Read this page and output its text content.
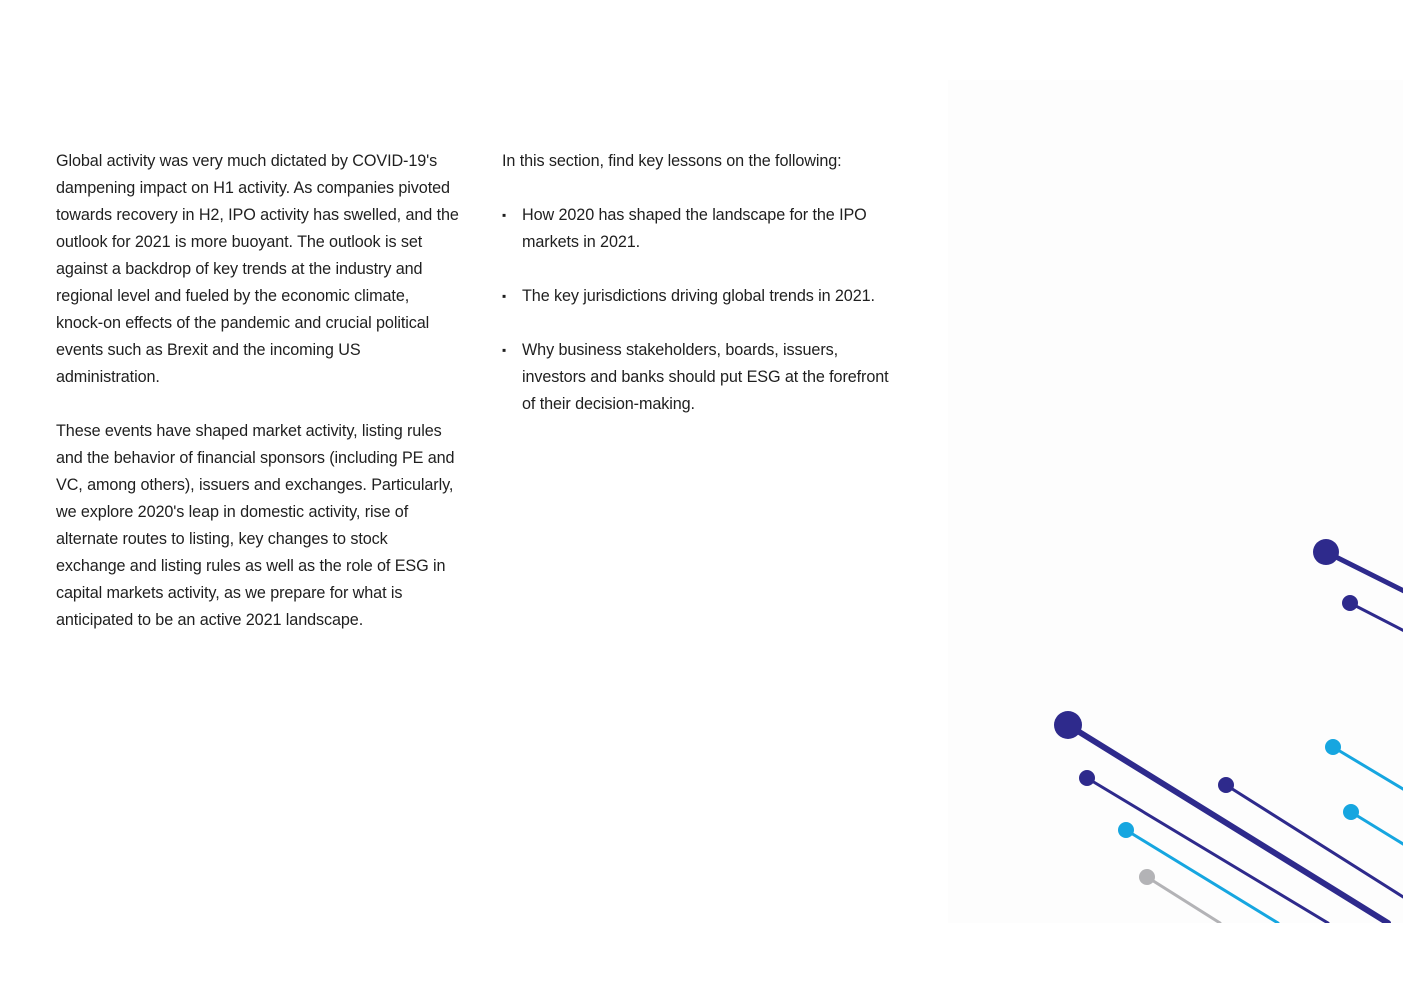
Global activity was very much dictated by COVID-19's dampening impact on H1 activity. As companies pivoted towards recovery in H2, IPO activity has swelled, and the outlook for 2021 is more buoyant. The outlook is set against a backdrop of key trends at the industry and regional level and fueled by the economic climate, knock-on effects of the pandemic and crucial political events such as Brexit and the incoming US administration.

These events have shaped market activity, listing rules and the behavior of financial sponsors (including PE and VC, among others), issuers and exchanges. Particularly, we explore 2020's leap in domestic activity, rise of alternate routes to listing, key changes to stock exchange and listing rules as well as the role of ESG in capital markets activity, as we prepare for what is anticipated to be an active 2021 landscape.

In this section, find key lessons on the following:

▪ How 2020 has shaped the landscape for the IPO markets in 2021.
▪ The key jurisdictions driving global trends in 2021.
▪ Why business stakeholders, boards, issuers, investors and banks should put ESG at the forefront of their decision-making.
